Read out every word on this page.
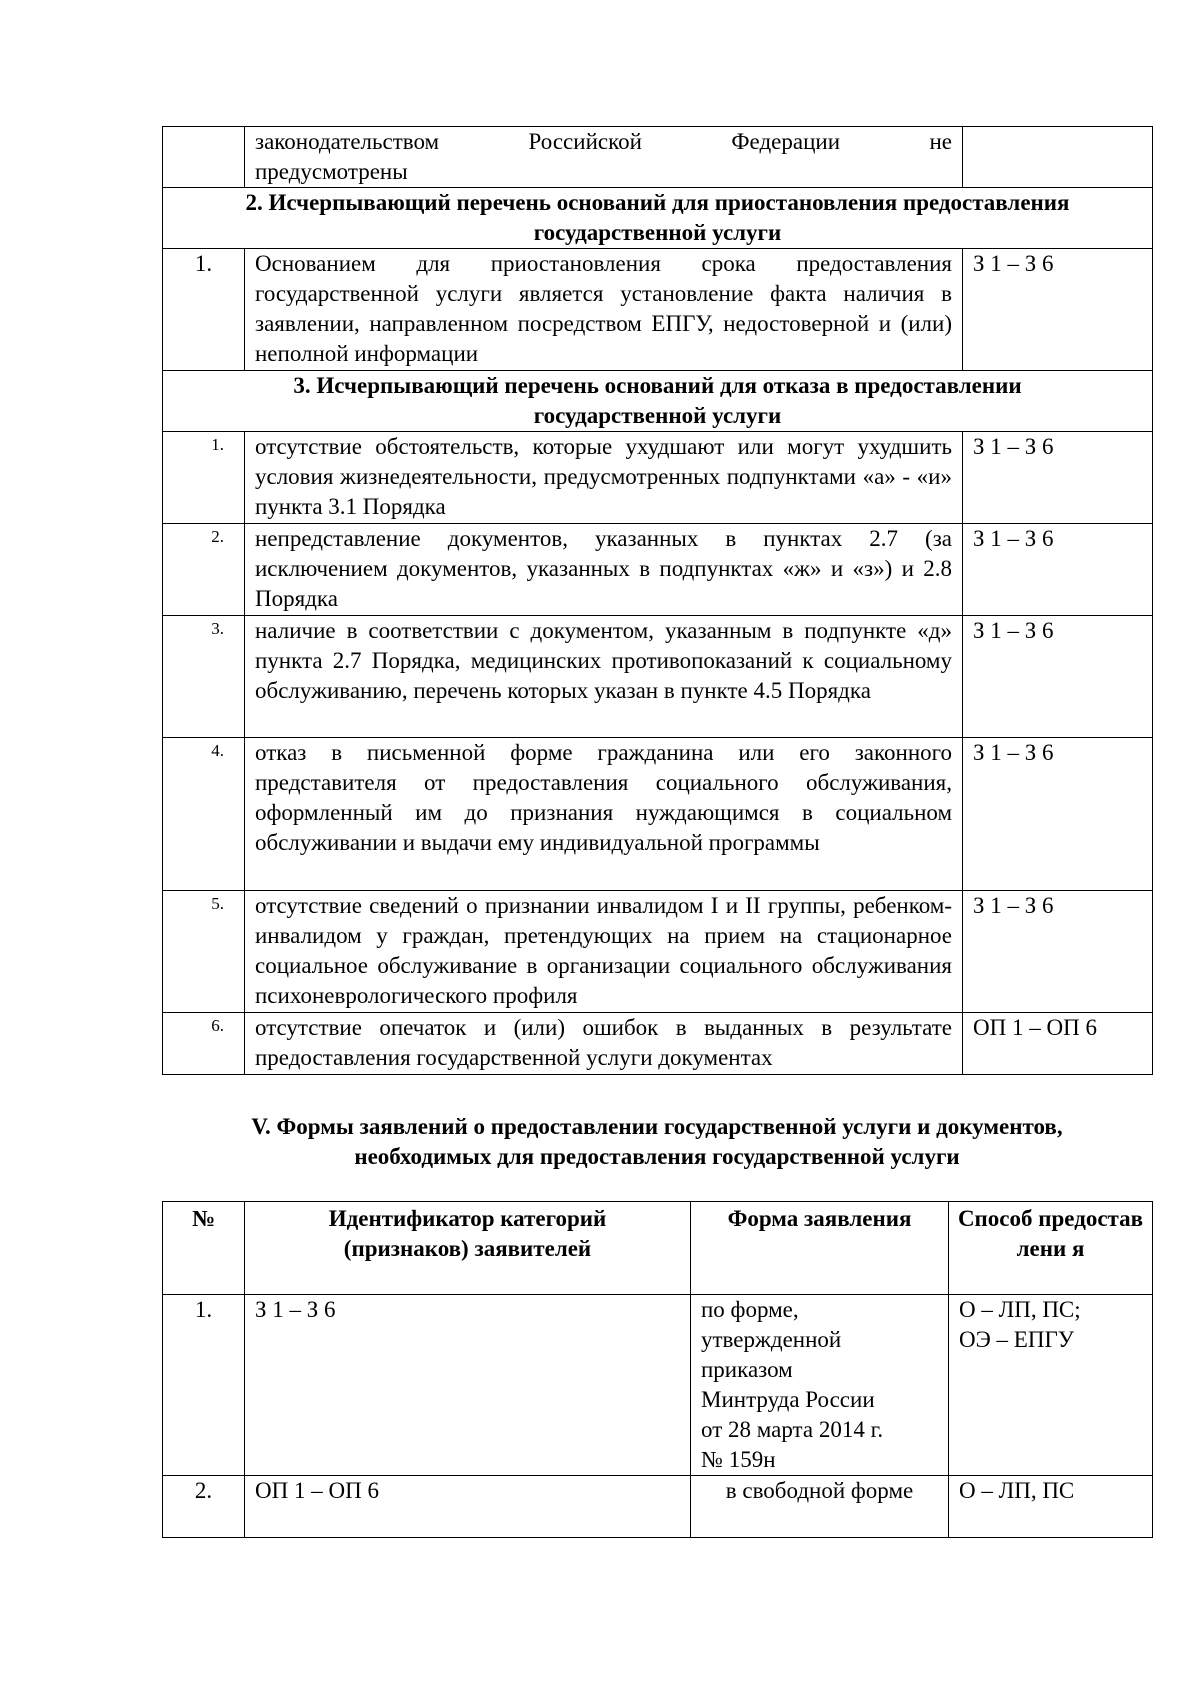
	законодательством Российской Федерации не
предусмотрены	

2. Исчерпывающий перечень оснований для приостановления предоставления государственной услуги		
1.	Основанием для приостановления срока предоставления государственной услуги является установление факта наличия в заявлении, направленном посредством ЕПГУ, недостоверной и (или) неполной информации	З 1 – З 6
3. Исчерпывающий перечень оснований для отказа в предоставлении государственной услуги		
1.	отсутствие обстоятельств, которые ухудшают или могут ухудшить условия жизнедеятельности, предусмотренных подпунктами «а» - «и» пункта 3.1 Порядка	З 1 – З 6
2.	непредставление документов, указанных в пунктах 2.7 (за исключением документов, указанных в подпунктах «ж» и «з») и 2.8 Порядка	З 1 – З 6
3.	наличие в соответствии с документом, указанным в подпункте «д» пункта 2.7 Порядка, медицинских противопоказаний к социальному обслуживанию, перечень которых указан в пункте 4.5 Порядка	З 1 – З 6
4.	отказ в письменной форме гражданина или его законного представителя от предоставления социального обслуживания, оформленный им до признания нуждающимся в социальном обслуживании и выдачи ему индивидуальной программы	З 1 – З 6
5.	отсутствие сведений о признании инвалидом I и II группы, ребенком-инвалидом у граждан, претендующих на прием на стационарное социальное обслуживание в организации социального обслуживания психоневрологического профиля	З 1 – З 6
6.	отсутствие опечаток и (или) ошибок в выданных в результате предоставления государственной услуги документах	ОП 1 – ОП 6
V. Формы заявлений о предоставлении государственной услуги и документов, необходимых для предоставления государственной услуги
№	Идентификатор категорий (признаков) заявителей	Форма заявления	Способ предоставлени я
1.	З 1 – З 6	по форме, утвержденной приказом Минтруда России от 28 марта 2014 г. № 159н	О – ЛП, ПС;
ОЭ – ЕПГУ

2.	ОП 1 – ОП 6	в свободной форме	О – ЛП, ПС
